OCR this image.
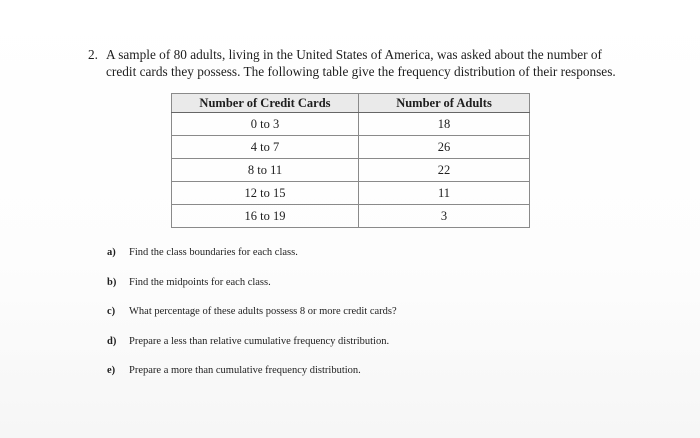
2. A sample of 80 adults, living in the United States of America, was asked about the number of
credit cards they possess. The following table give the frequency distribution of their responses.
Number of Credit Cards	Number of Adults
0 to 3	18
4 to 7	26
8 to 11	22
12 to 15	11
16 to 19	3
a)	Find the class boundaries for each class.
b)	Find the midpoints for each class.
c)	What percentage of these adults possess 8 or more credit cards?
d)	Prepare a less than relative cumulative frequency distribution.
e)	Prepare a more than cumulative frequency distribution.
